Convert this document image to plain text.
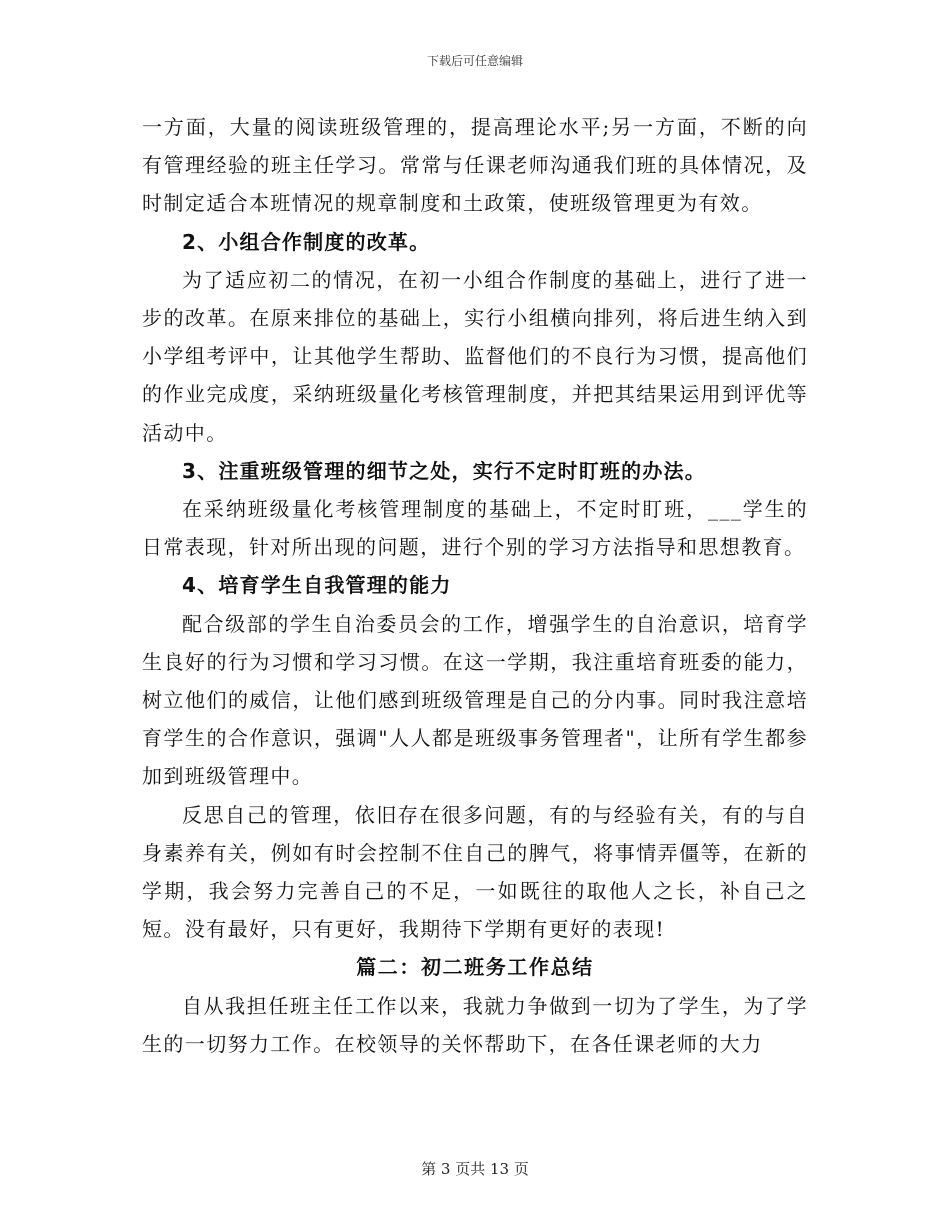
下载后可任意编辑

一方面，大量的阅读班级管理的，提高理论水平;另一方面，不断的向有管理经验的班主任学习。常常与任课老师沟通我们班的具体情况，及时制定适合本班情况的规章制度和土政策，使班级管理更为有效。

2、小组合作制度的改革。

为了适应初二的情况，在初一小组合作制度的基础上，进行了进一步的改革。在原来排位的基础上，实行小组横向排列，将后进生纳入到小学组考评中，让其他学生帮助、监督他们的不良行为习惯，提高他们的作业完成度，采纳班级量化考核管理制度，并把其结果运用到评优等活动中。

3、注重班级管理的细节之处，实行不定时盯班的办法。

在采纳班级量化考核管理制度的基础上，不定时盯班，___学生的日常表现，针对所出现的问题，进行个别的学习方法指导和思想教育。

4、培育学生自我管理的能力

配合级部的学生自治委员会的工作，增强学生的自治意识，培育学生良好的行为习惯和学习习惯。在这一学期，我注重培育班委的能力，树立他们的威信，让他们感到班级管理是自己的分内事。同时我注意培育学生的合作意识，强调"人人都是班级事务管理者"，让所有学生都参加到班级管理中。

反思自己的管理，依旧存在很多问题，有的与经验有关，有的与自身素养有关，例如有时会控制不住自己的脾气，将事情弄僵等，在新的学期，我会努力完善自己的不足，一如既往的取他人之长，补自己之短。没有最好，只有更好，我期待下学期有更好的表现!

篇二：初二班务工作总结

自从我担任班主任工作以来，我就力争做到一切为了学生，为了学生的一切努力工作。在校领导的关怀帮助下，在各任课老师的大力

第 3 页共 13 页
